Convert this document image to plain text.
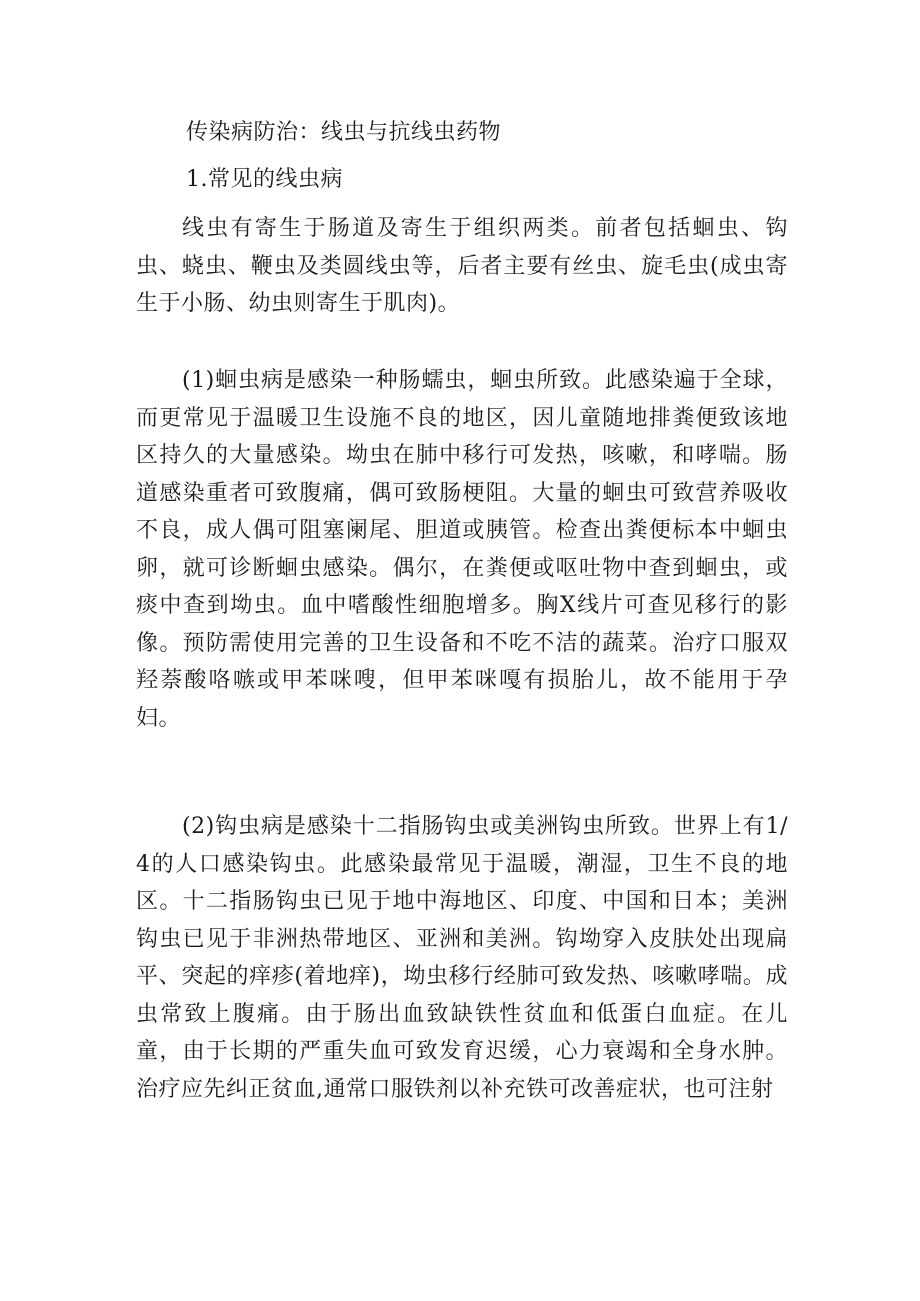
传染病防治：线虫与抗线虫药物

1.常见的线虫病

线虫有寄生于肠道及寄生于组织两类。前者包括蛔虫、钩虫、蛲虫、鞭虫及类圆线虫等，后者主要有丝虫、旋毛虫(成虫寄生于小肠、幼虫则寄生于肌肉)。

(1)蛔虫病是感染一种肠蠕虫，蛔虫所致。此感染遍于全球，而更常见于温暖卫生设施不良的地区，因儿童随地排粪便致该地区持久的大量感染。坳虫在肺中移行可发热，咳嗽，和哮喘。肠道感染重者可致腹痛，偶可致肠梗阻。大量的蛔虫可致营养吸收不良，成人偶可阻塞阑尾、胆道或胰管。检查出粪便标本中蛔虫卵，就可诊断蛔虫感染。偶尔，在粪便或呕吐物中查到蛔虫，或痰中查到坳虫。血中嗜酸性细胞增多。胸X线片可查见移行的影像。预防需使用完善的卫生设备和不吃不洁的蔬菜。治疗口服双羟萘酸咯嗾或甲苯咪嗖，但甲苯咪嘎有损胎儿，故不能用于孕妇。

(2)钩虫病是感染十二指肠钩虫或美洲钩虫所致。世界上有1/4的人口感染钩虫。此感染最常见于温暖，潮湿，卫生不良的地区。十二指肠钩虫已见于地中海地区、印度、中国和日本；美洲钩虫已见于非洲热带地区、亚洲和美洲。钩坳穿入皮肤处出现扁平、突起的痒疹(着地痒)，坳虫移行经肺可致发热、咳嗽哮喘。成虫常致上腹痛。由于肠出血致缺铁性贫血和低蛋白血症。在儿童，由于长期的严重失血可致发育迟缓，心力衰竭和全身水肿。治疗应先纠正贫血,通常口服铁剂以补充铁可改善症状，也可注射
